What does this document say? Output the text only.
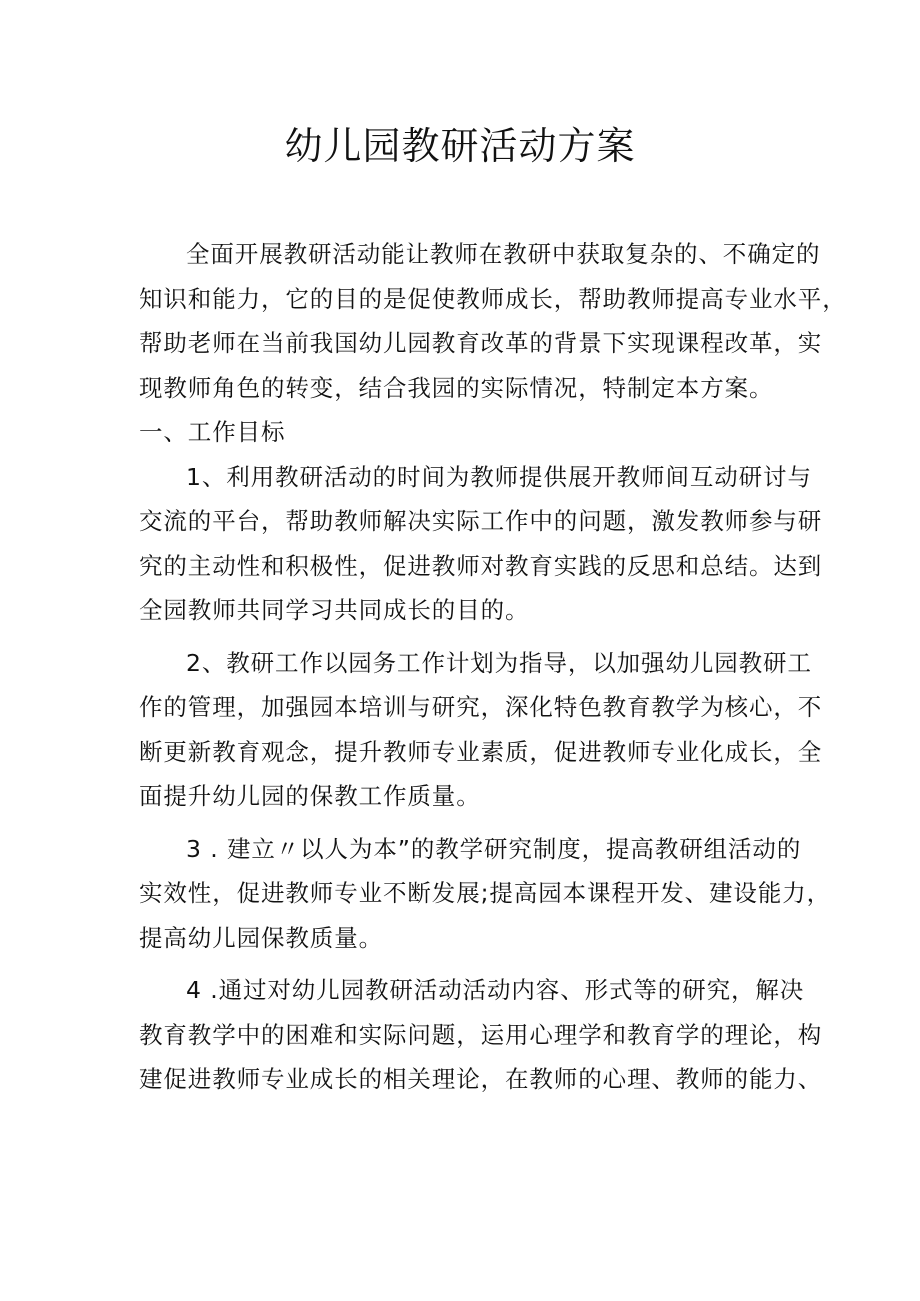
幼儿园教研活动方案
全面开展教研活动能让教师在教研中获取复杂的、不确定的
知识和能力，它的目的是促使教师成长，帮助教师提高专业水平，
帮助老师在当前我国幼儿园教育改革的背景下实现课程改革，实
现教师角色的转变，结合我园的实际情况，特制定本方案。
一、工作目标
1、利用教研活动的时间为教师提供展开教师间互动研讨与
交流的平台，帮助教师解决实际工作中的问题，激发教师参与研
究的主动性和积极性，促进教师对教育实践的反思和总结。达到
全园教师共同学习共同成长的目的。
2、教研工作以园务工作计划为指导，以加强幼儿园教研工
作的管理，加强园本培训与研究，深化特色教育教学为核心，不
断更新教育观念，提升教师专业素质，促进教师专业化成长，全
面提升幼儿园的保教工作质量。
3 . 建立〃以人为本”的教学研究制度，提高教研组活动的
实效性，促进教师专业不断发展;提高园本课程开发、建设能力，
提高幼儿园保教质量。
4 .通过对幼儿园教研活动活动内容、形式等的研究，解决
教育教学中的困难和实际问题，运用心理学和教育学的理论，构
建促进教师专业成长的相关理论，在教师的心理、教师的能力、
